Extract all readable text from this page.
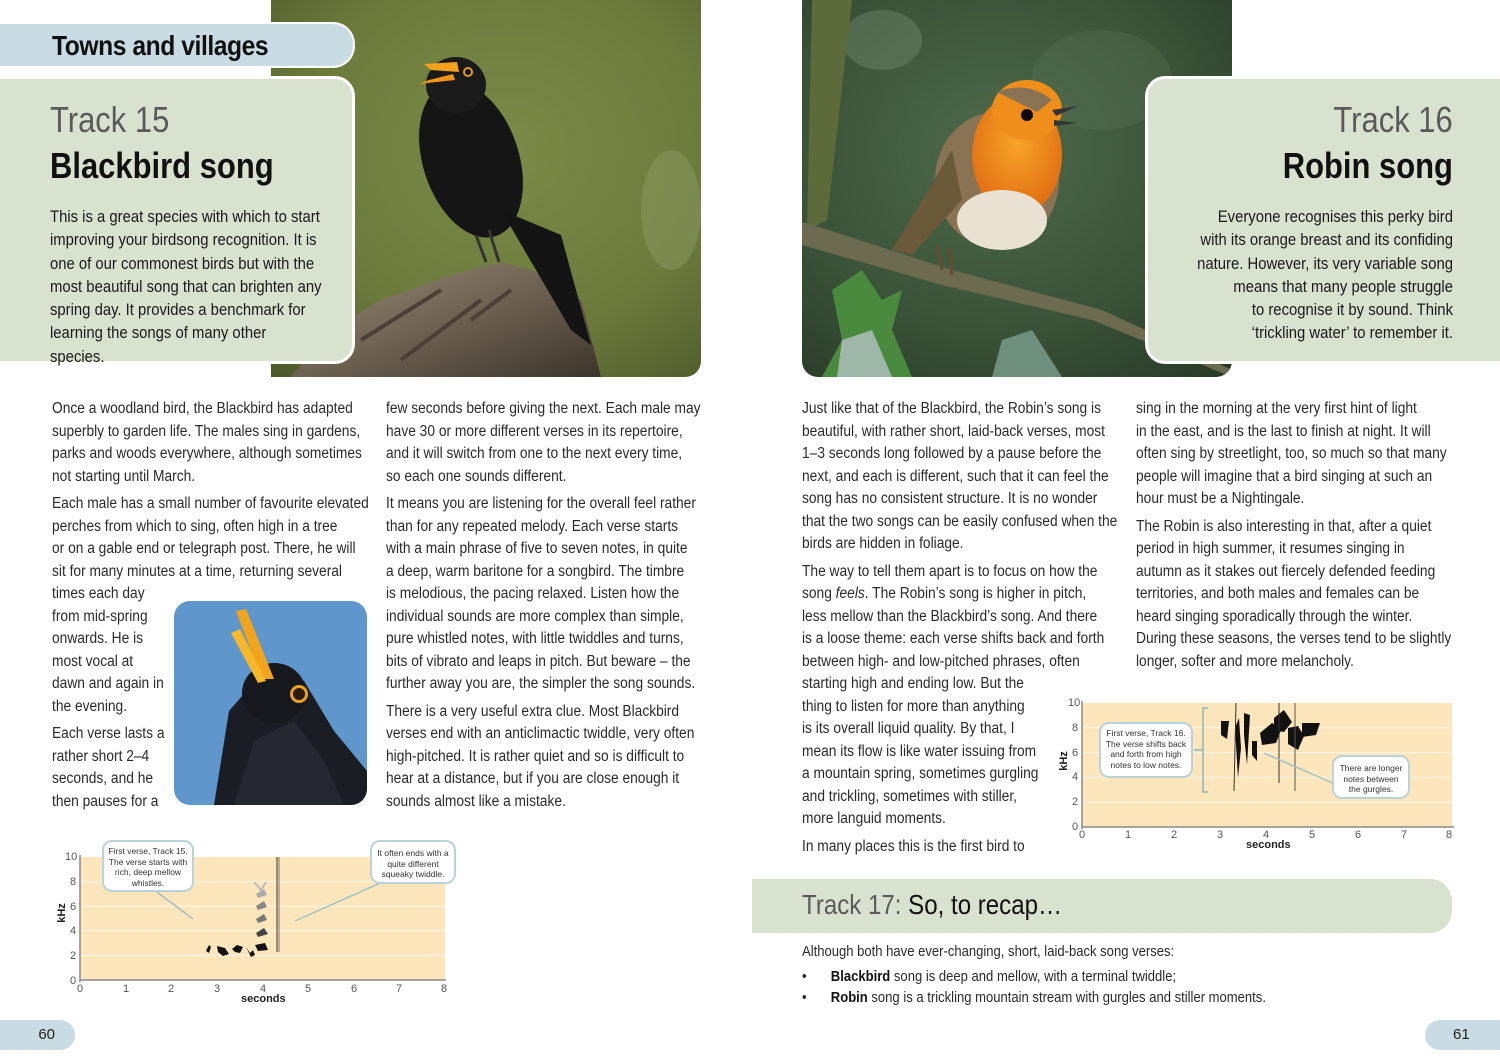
Towns and villages
Track 15
Blackbird song
This is a great species with which to start
improving your birdsong recognition. It is
one of our commonest birds but with the
most beautiful song that can brighten any
spring day. It provides a benchmark for
learning the songs of many other species.

Once a woodland bird, the Blackbird has adapted
superbly to garden life. The males sing in gardens,
parks and woods everywhere, although sometimes
not starting until March.

Each male has a small number of favourite elevated
perches from which to sing, often high in a tree
or on a gable end or telegraph post. There, he will
sit for many minutes at a time, returning several
times each day
from mid-spring
onwards. He is
most vocal at
dawn and again in
the evening.

Each verse lasts a
rather short 2–4
seconds, and he
then pauses for a

few seconds before giving the next. Each male may
have 30 or more different verses in its repertoire,
and it will switch from one to the next every time,
so each one sounds different.

It means you are listening for the overall feel rather
than for any repeated melody. Each verse starts
with a main phrase of five to seven notes, in quite
a deep, warm baritone for a songbird. The timbre
is melodious, the pacing relaxed. Listen how the
individual sounds are more complex than simple,
pure whistled notes, with little twiddles and turns,
bits of vibrato and leaps in pitch. But beware – the
further away you are, the simpler the song sounds.

There is a very useful extra clue. Most Blackbird
verses end with an anticlimactic twiddle, very often
high-pitched. It is rather quiet and so is difficult to
hear at a distance, but if you are close enough it
sounds almost like a mistake.

10
8
6
4
2
0
kHz
0	1	2	3	4	5	6	7	8
seconds
First verse, Track 15. The verse starts with rich, deep mellow whistles.
It often ends with a quite different squeaky twiddle.
60
Track 16
Robin song
Everyone recognises this perky bird
with its orange breast and its confiding
nature. However, its very variable song
means that many people struggle
to recognise it by sound. Think
‘trickling water’ to remember it.

Just like that of the Blackbird, the Robin’s song is
beautiful, with rather short, laid-back verses, most
1–3 seconds long followed by a pause before the
next, and each is different, such that it can feel the
song has no consistent structure. It is no wonder
that the two songs can be easily confused when the
birds are hidden in foliage.

The way to tell them apart is to focus on how the
song feels. The Robin’s song is higher in pitch,
less mellow than the Blackbird’s song. And there
is a loose theme: each verse shifts back and forth
between high- and low-pitched phrases, often
starting high and ending low. But the
thing to listen for more than anything
is its overall liquid quality. By that, I
mean its flow is like water issuing from
a mountain spring, sometimes gurgling
and trickling, sometimes with stiller,
more languid moments.

In many places this is the first bird to

sing in the morning at the very first hint of light
in the east, and is the last to finish at night. It will
often sing by streetlight, too, so much so that many
people will imagine that a bird singing at such an
hour must be a Nightingale.

The Robin is also interesting in that, after a quiet
period in high summer, it resumes singing in
autumn as it stakes out fiercely defended feeding
territories, and both males and females can be
heard singing sporadically through the winter.
During these seasons, the verses tend to be slightly
longer, softer and more melancholy.

10
8
6
4
2
0
kHz
0	1	2	3	4	5	6	7	8
seconds
First verse, Track 16. The verse shifts back and forth from high notes to low notes.	There are longer notes between the gurgles.
Track 17: So, to recap…
Although both have ever-changing, short, laid-back song verses:
• Blackbird song is deep and mellow, with a terminal twiddle;
• Robin song is a trickling mountain stream with gurgles and stiller moments.
61
